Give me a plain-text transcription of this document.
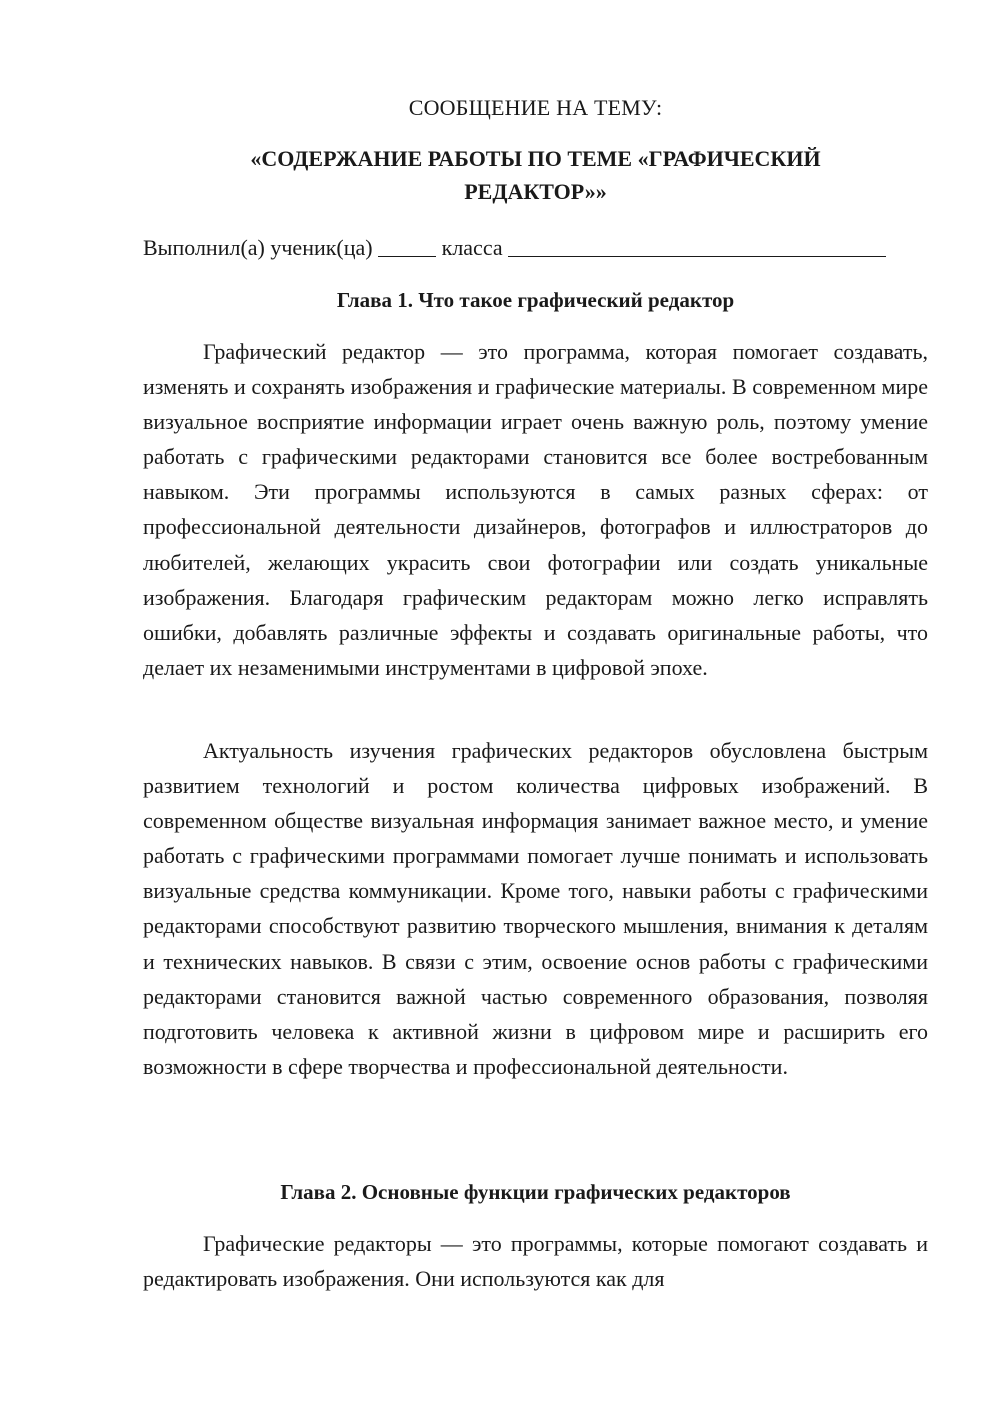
СООБЩЕНИЕ НА ТЕМУ:
«СОДЕРЖАНИЕ РАБОТЫ ПО ТЕМЕ «ГРАФИЧЕСКИЙ
РЕДАКТОР»»
Выполнил(а) ученик(ца)	класса
Глава 1. Что такое графический редактор

Графический редактор — это программа, которая помогает создавать, изменять и сохранять изображения и графические материалы. В современном мире визуальное восприятие информации играет очень важную роль, поэтому умение работать с графическими редакторами становится все более востребованным навыком. Эти программы используются в самых разных сферах: от профессиональной деятельности дизайнеров, фотографов и иллюстраторов до любителей, желающих украсить свои фотографии или создать уникальные изображения. Благодаря графическим редакторам можно легко исправлять ошибки, добавлять различные эффекты и создавать оригинальные работы, что делает их незаменимыми инструментами в цифровой эпохе.

Актуальность изучения графических редакторов обусловлена быстрым развитием технологий и ростом количества цифровых изображений. В современном обществе визуальная информация занимает важное место, и умение работать с графическими программами помогает лучше понимать и использовать визуальные средства коммуникации. Кроме того, навыки работы с графическими редакторами способствуют развитию творческого мышления, внимания к деталям и технических навыков. В связи с этим, освоение основ работы с графическими редакторами становится важной частью современного образования, позволяя подготовить человека к активной жизни в цифровом мире и расширить его возможности в сфере творчества и профессиональной деятельности.

Глава 2. Основные функции графических редакторов

Графические редакторы — это программы, которые помогают создавать и редактировать изображения. Они используются как для
